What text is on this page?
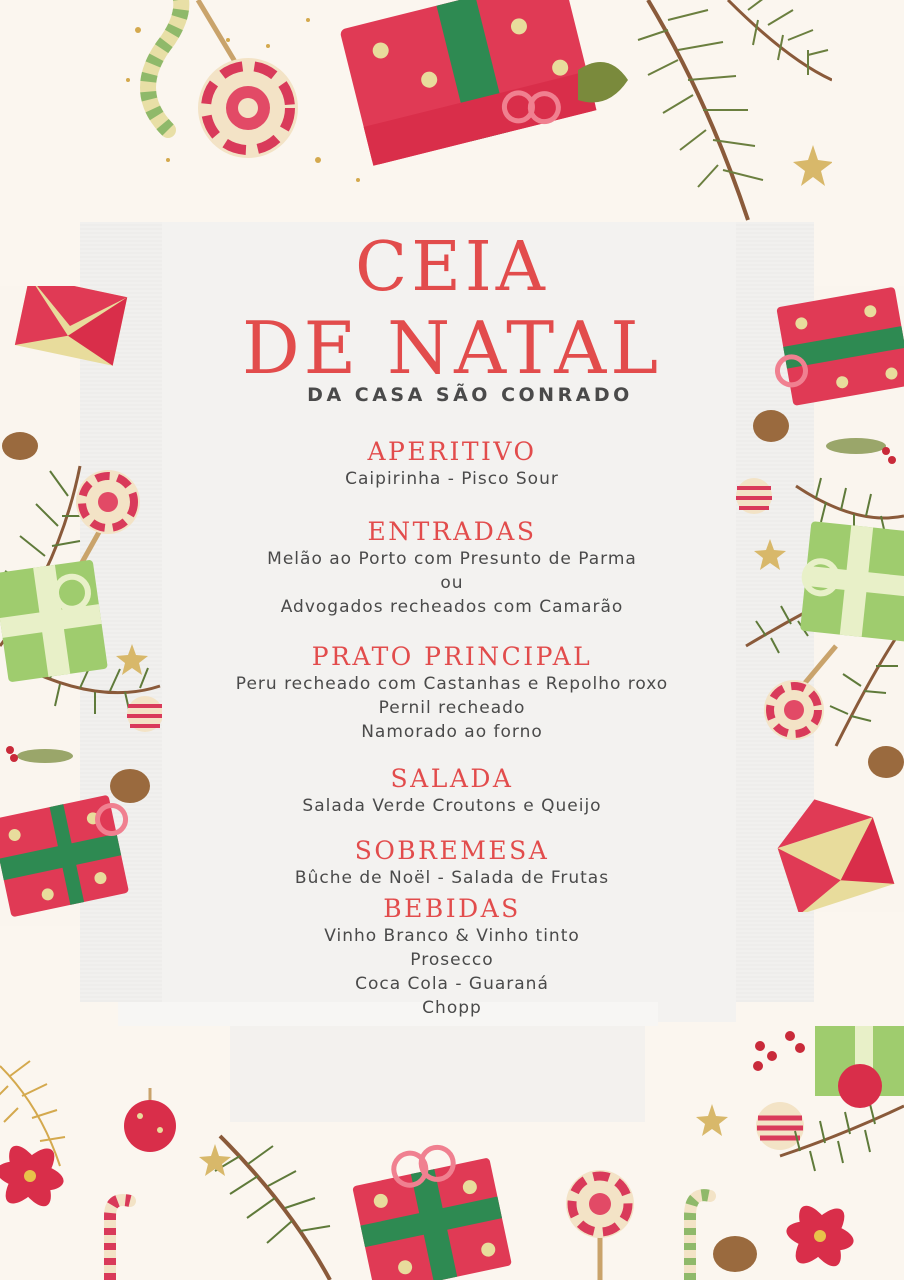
CEIA
DE NATAL
DA CASA SÃO CONRADO
APERITIVO
Caipirinha - Pisco Sour
ENTRADAS
Melão ao Porto com Presunto de Parma
ou
Advogados recheados com Camarão
PRATO PRINCIPAL
Peru recheado com Castanhas e Repolho roxo
Pernil recheado
Namorado ao forno
SALADA
Salada Verde Croutons e Queijo
SOBREMESA
Bûche de Noël - Salada de Frutas
BEBIDAS
Vinho Branco & Vinho tinto
Prosecco
Coca Cola - Guaraná
Chopp
